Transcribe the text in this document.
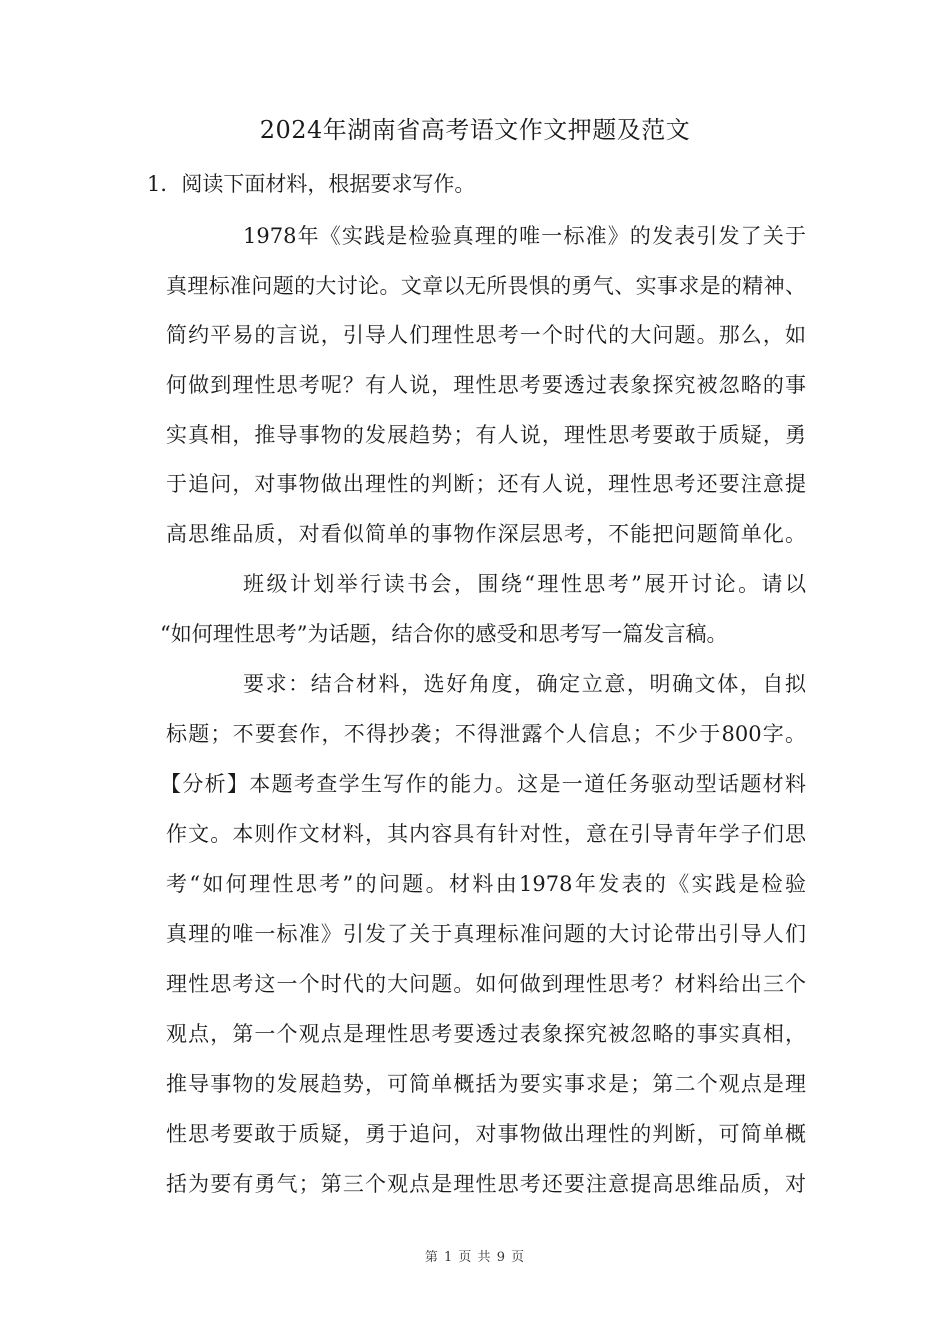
2024年湖南省高考语文作文押题及范文
1．阅读下面材料，根据要求写作。
1978年《实践是检验真理的唯一标准》的发表引发了关于
真理标准问题的大讨论。文章以无所畏惧的勇气、实事求是的精神、
简约平易的言说，引导人们理性思考一个时代的大问题。那么，如
何做到理性思考呢？有人说，理性思考要透过表象探究被忽略的事
实真相，推导事物的发展趋势；有人说，理性思考要敢于质疑，勇
于追问，对事物做出理性的判断；还有人说，理性思考还要注意提
高思维品质，对看似简单的事物作深层思考，不能把问题简单化。
班级计划举行读书会，围绕“理性思考”展开讨论。请以
“如何理性思考”为话题，结合你的感受和思考写一篇发言稿。
要求：结合材料，选好角度，确定立意，明确文体，自拟
标题；不要套作，不得抄袭；不得泄露个人信息；不少于800字。
【分析】本题考查学生写作的能力。这是一道任务驱动型话题材料
作文。本则作文材料，其内容具有针对性，意在引导青年学子们思
考“如何理性思考”的问题。材料由1978年发表的《实践是检验
真理的唯一标准》引发了关于真理标准问题的大讨论带出引导人们
理性思考这一个时代的大问题。如何做到理性思考？材料给出三个
观点，第一个观点是理性思考要透过表象探究被忽略的事实真相，
推导事物的发展趋势，可简单概括为要实事求是；第二个观点是理
性思考要敢于质疑，勇于追问，对事物做出理性的判断，可简单概
括为要有勇气；第三个观点是理性思考还要注意提高思维品质，对
第 1 页 共 9 页
